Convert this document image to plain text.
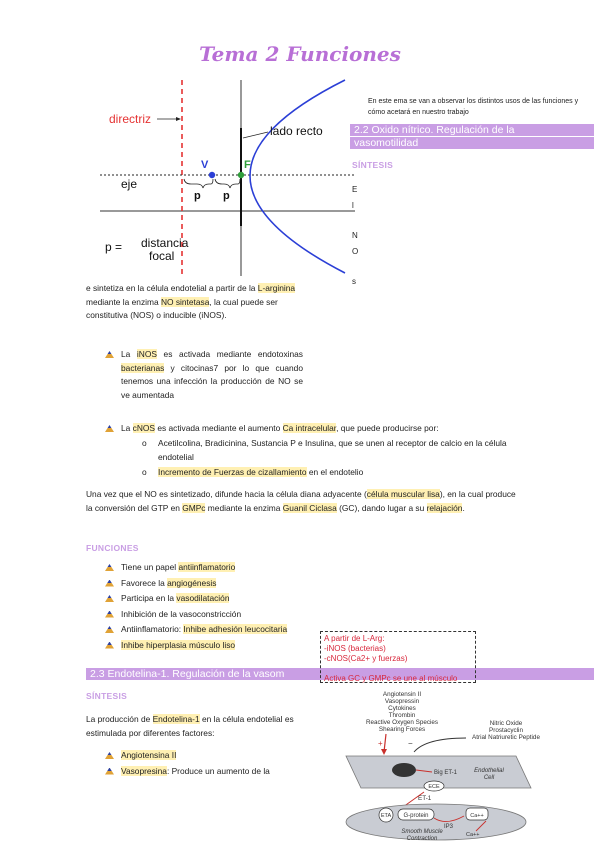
Tema 2 Funciones
directriz
lado recto
V	F
eje
p p
p = distancia
focal
En este ema se van a observar los distintos usos de las funciones y cómo acetará en nuestro trabajo
2.2 Oxido nítrico. Regulación de la
vasomotilidad
SÍNTESIS
E
l
N
O
s
e sintetiza en la célula endotelial a partir de la L-arginina mediante la enzima NO sintetasa, la cual puede ser constitutiva (NOS) o inducible (iNOS).
La iNOS es activada mediante endotoxinas bacterianas y citocinas7 por lo que cuando tenemos una infección la producción de NO se ve aumentada
La cNOS es activada mediante el aumento Ca intracelular, que puede producirse por:
o	Acetilcolina, Bradicinina, Sustancia P e Insulina, que se unen al receptor de calcio en la célula endotelial
o	Incremento de Fuerzas de cizallamiento en el endotelio
Una vez que el NO es sintetizado, difunde hacia la célula diana adyacente (célula muscular lisa), en la cual produce la conversión del GTP en GMPc mediante la enzima Guanil Ciclasa (GC), dando lugar a su relajación.
FUNCIONES
Tiene un papel antiinflamatorio
Favorece la angiogénesis
Participa en la vasodilatación
Inhibición de la vasoconstricción
Antiinflamatorio: Inhibe adhesión leucocitaria
Inhibe hiperplasia músculo liso
2.3 Endotelina-1. Regulación de la vasom
A partir de L-Arg:
-iNOS (bacterias)
-cNOS(Ca2+ y fuerzas)
Activa GC y GMPc se une al músculo
SÍNTESIS
La producción de Endotelina-1 en la célula endotelial es estimulada por diferentes factores:
Angiotensina II
Vasopresina: Produce un aumento de la
Angiotensin II
Vasopressin
Cytokines
Thrombin
Reactive Oxygen Species
Shearing Forces
Nitric Oxide
Prostacyclin
Atrial Natriuretic Peptide
+	−
Big ET-1	Endothelial
Cell
ECE
ET-1
ETA G-protein
IP3
Ca++
Ca++
Smooth Muscle
Contraction
